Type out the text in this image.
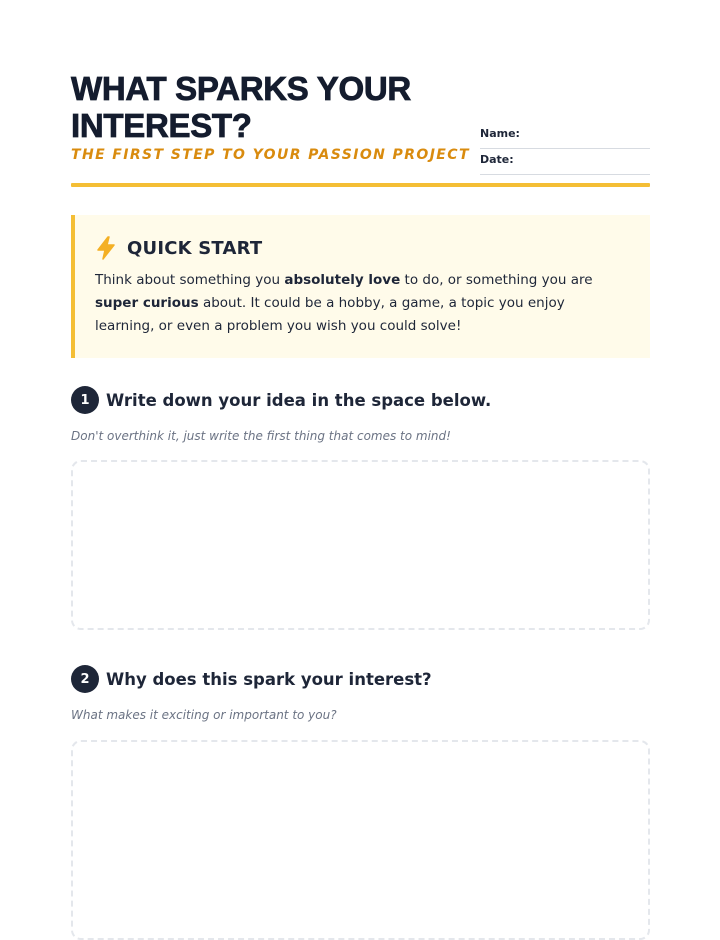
WHAT SPARKS YOUR INTEREST?

THE FIRST STEP TO YOUR PASSION PROJECT

Name:
Date:
QUICK START

Think about something you absolutely love to do, or something you are super curious about. It could be a hobby, a game, a topic you enjoy learning, or even a problem you wish you could solve!

1 Write down your idea in the space below.
Don't overthink it, just write the first thing that comes to mind!
2 Why does this spark your interest?
What makes it exciting or important to you?
